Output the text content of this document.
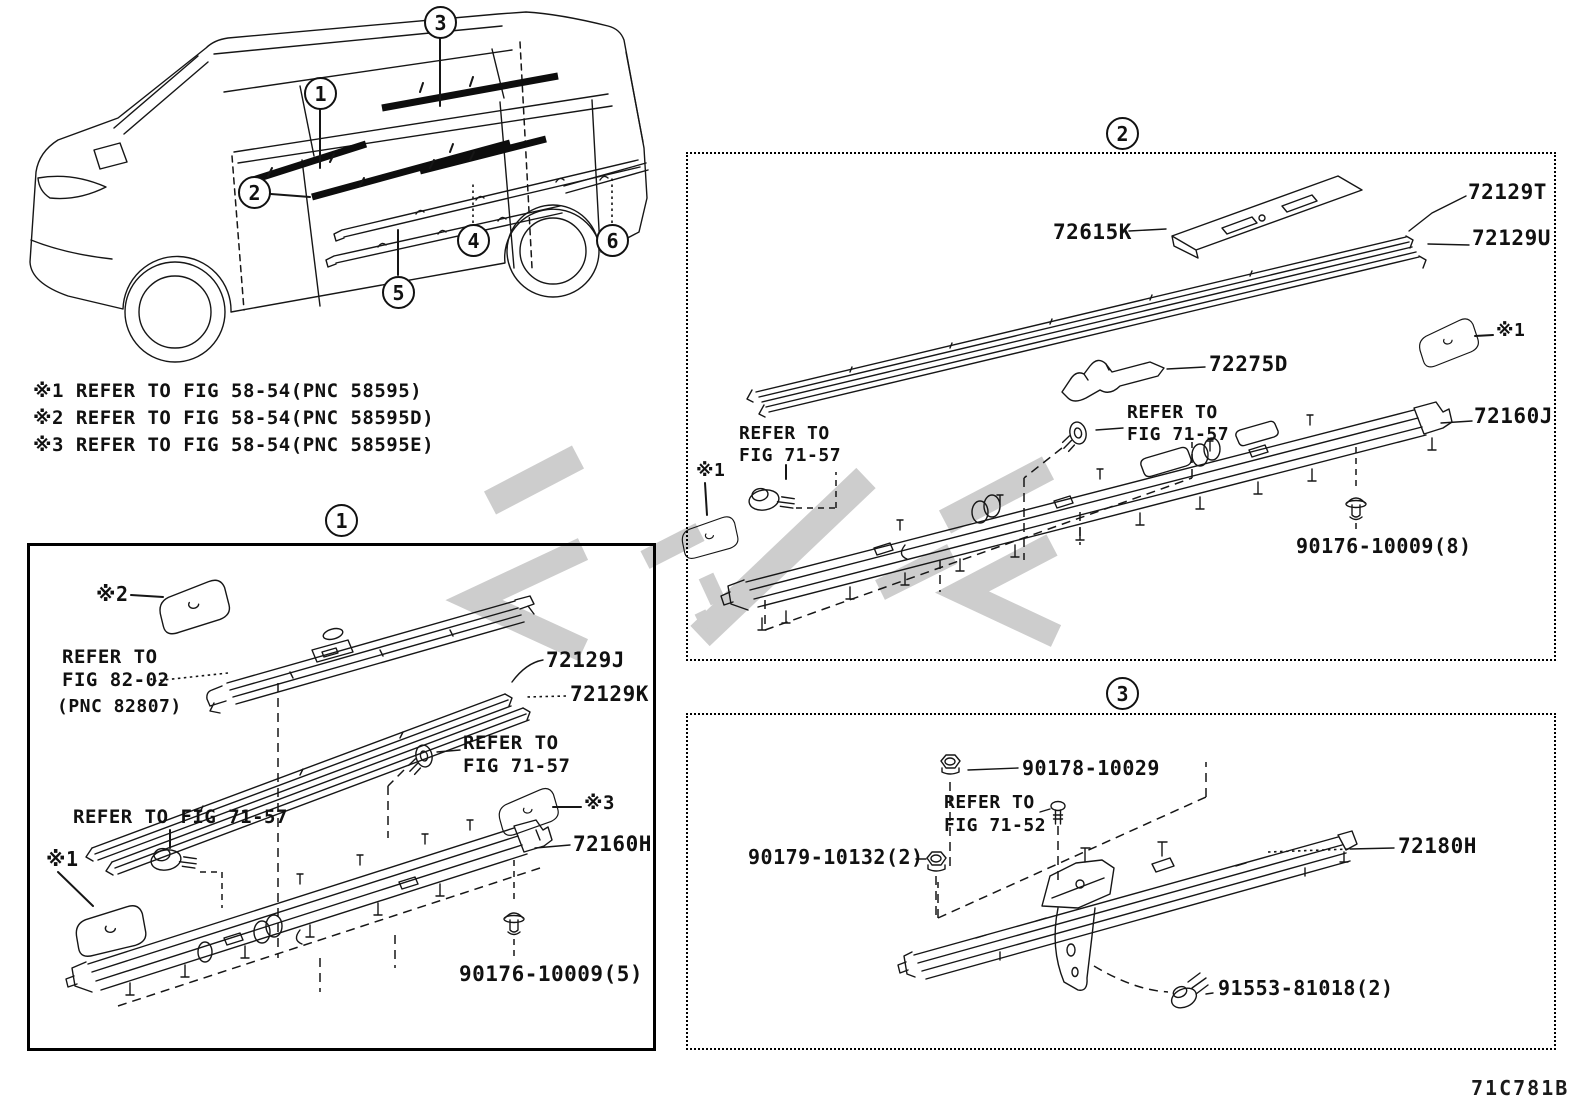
1
2
3
4
5
6
1
2
3
※1 REFER TO FIG 58-54(PNC 58595)
※2 REFER TO FIG 58-54(PNC 58595D)
※3 REFER TO FIG 58-54(PNC 58595E)
※2
REFER TO
FIG 82-02
(PNC 82807)
72129J
72129K
REFER TO
FIG 71-57
※3
REFER TO FIG 71-57
※1
72160H
90176-10009(5)
72615K
72129T
72129U
※1
72275D
REFER TO
FIG 71-57
REFER TO
FIG 71-57
※1
72160J
90176-10009(8)
90178-10029
REFER TO
FIG 71-52
90179-10132(2)	72180H
91553-81018(2)
71C781B
